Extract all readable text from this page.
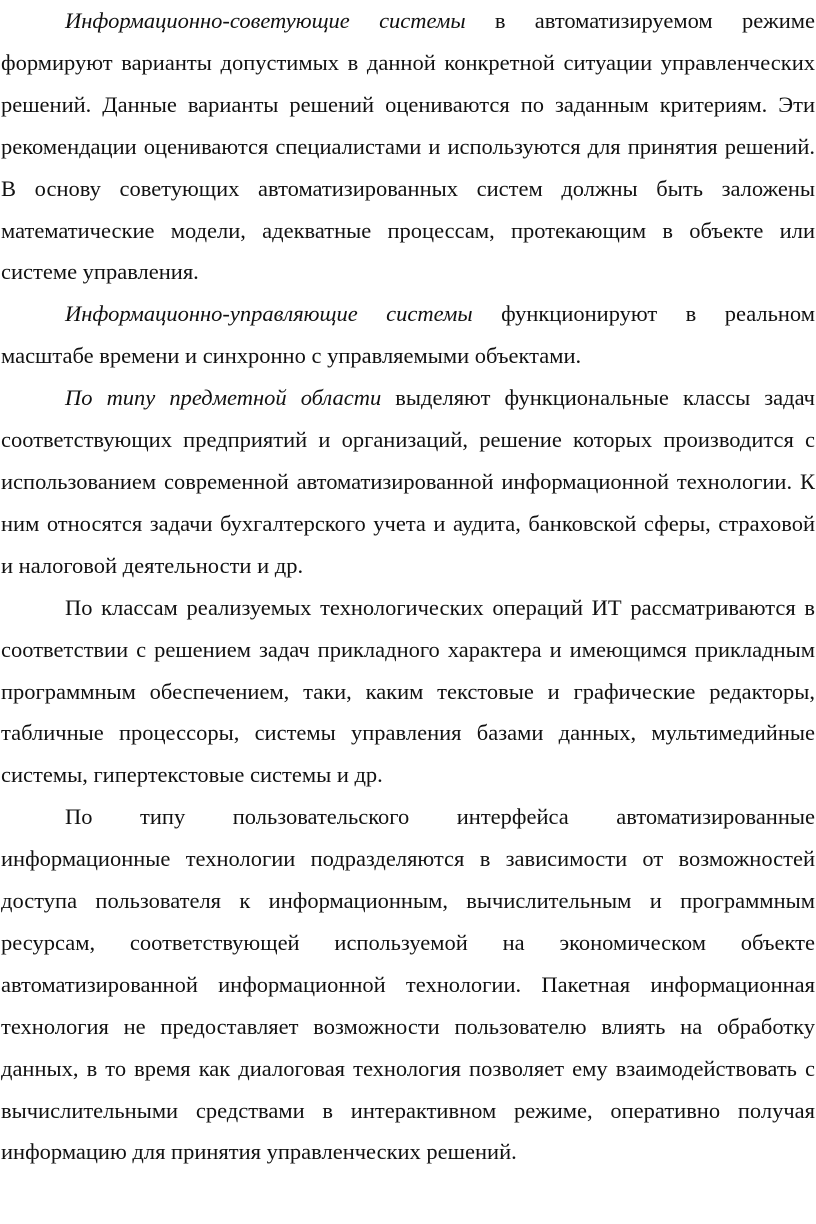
Информационно-советующие системы в автоматизируемом режиме формируют варианты допустимых в данной конкретной ситуации управленческих решений. Данные варианты решений оцениваются по заданным критериям. Эти рекомендации оцениваются специалистами и используются для принятия решений. В основу советующих автоматизированных систем должны быть заложены математические модели, адекватные процессам, протекающим в объекте или системе управления.

Информационно-управляющие системы функционируют в реальном масштабе времени и синхронно с управляемыми объектами.

По типу предметной области выделяют функциональные классы задач соответствующих предприятий и организаций, решение которых производится с использованием современной автоматизированной информационной технологии. К ним относятся задачи бухгалтерского учета и аудита, банковской сферы, страховой и налоговой деятельности и др.

По классам реализуемых технологических операций ИТ рассматриваются в соответствии с решением задач прикладного характера и имеющимся прикладным программным обеспечением, таки, каким текстовые и графические редакторы, табличные процессоры, системы управления базами данных, мультимедийные системы, гипертекстовые системы и др.

По типу пользовательского интерфейса автоматизированные информационные технологии подразделяются в зависимости от возможностей доступа пользователя к информационным, вычислительным и программным ресурсам, соответствующей используемой на экономическом объекте автоматизированной информационной технологии. Пакетная информационная технология не предоставляет возможности пользователю влиять на обработку данных, в то время как диалоговая технология позволяет ему взаимодействовать с вычислительными средствами в интерактивном режиме, оперативно получая информацию для принятия управленческих решений.
